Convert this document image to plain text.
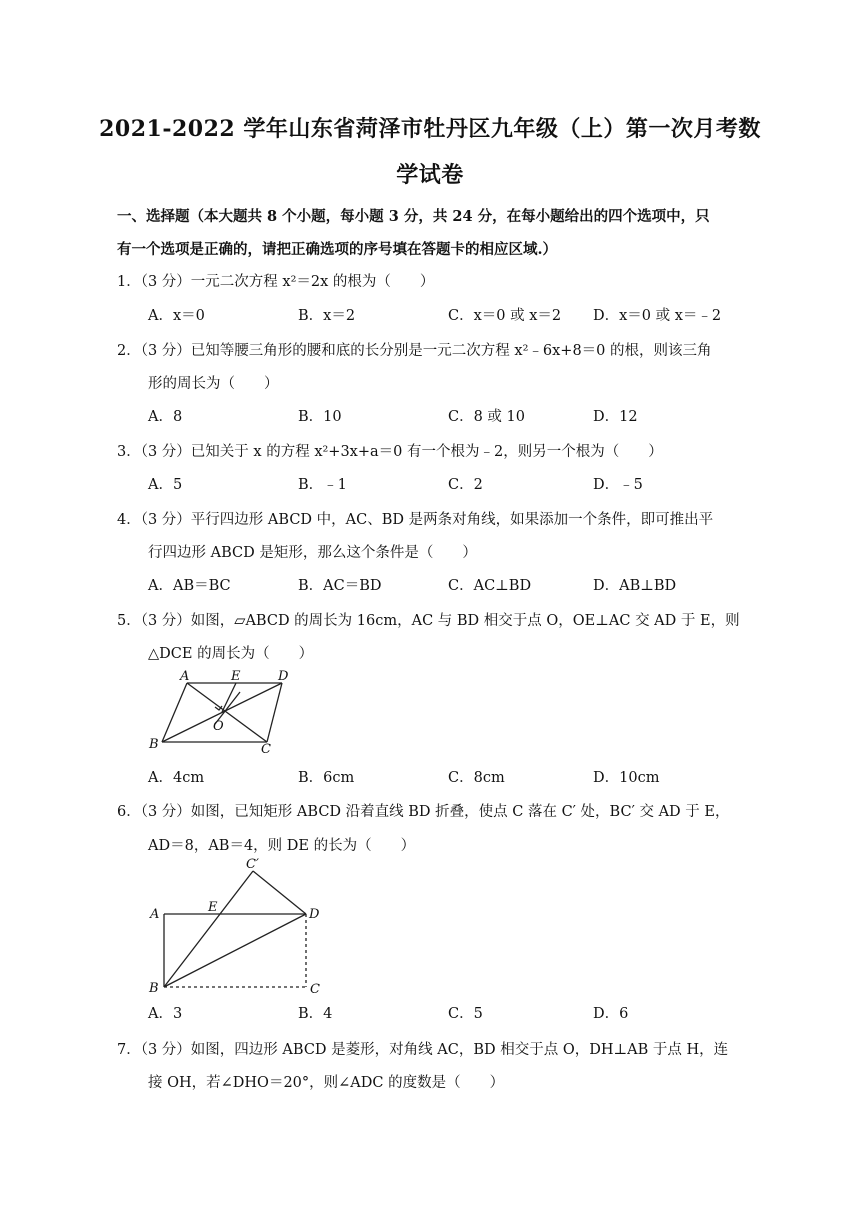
2021-2022 学年山东省菏泽市牡丹区九年级（上）第一次月考数
学试卷
一、选择题（本大题共 8 个小题，每小题 3 分，共 24 分，在每小题给出的四个选项中，只
有一个选项是正确的，请把正确选项的序号填在答题卡的相应区域.）
1．（3 分）一元二次方程 x²＝2x 的根为（　　）
A．x＝0	B．x＝2	C．x＝0 或 x＝2 D．x＝0 或 x＝﹣2
2．（3 分）已知等腰三角形的腰和底的长分别是一元二次方程 x²﹣6x+8＝0 的根，则该三角
形的周长为（　　）
A．8	B．10	C．8 或 10	D．12
3．（3 分）已知关于 x 的方程 x²+3x+a＝0 有一个根为﹣2，则另一个根为（　　）
A．5	B．﹣1	C．2	D．﹣5
4．（3 分）平行四边形 ABCD 中，AC、BD 是两条对角线，如果添加一个条件，即可推出平
行四边形 ABCD 是矩形，那么这个条件是（　　）
A．AB＝BC	B．AC＝BD	C．AC⊥BD	D．AB⊥BD
5．（3 分）如图，▱ABCD 的周长为 16cm，AC 与 BD 相交于点 O，OE⊥AC 交 AD 于 E，则
△DCE 的周长为（　　）
A	E	D
O
B	C
A．4cm	B．6cm	C．8cm	D．10cm
6．（3 分）如图，已知矩形 ABCD 沿着直线 BD 折叠，使点 C 落在 C′ 处，BC′ 交 AD 于 E，
AD＝8，AB＝4，则 DE 的长为（　　）
C′
A	E	D
B	C
A．3	B．4	C．5	D．6
7．（3 分）如图，四边形 ABCD 是菱形，对角线 AC，BD 相交于点 O，DH⊥AB 于点 H，连
接 OH，若∠DHO＝20°，则∠ADC 的度数是（　　）
